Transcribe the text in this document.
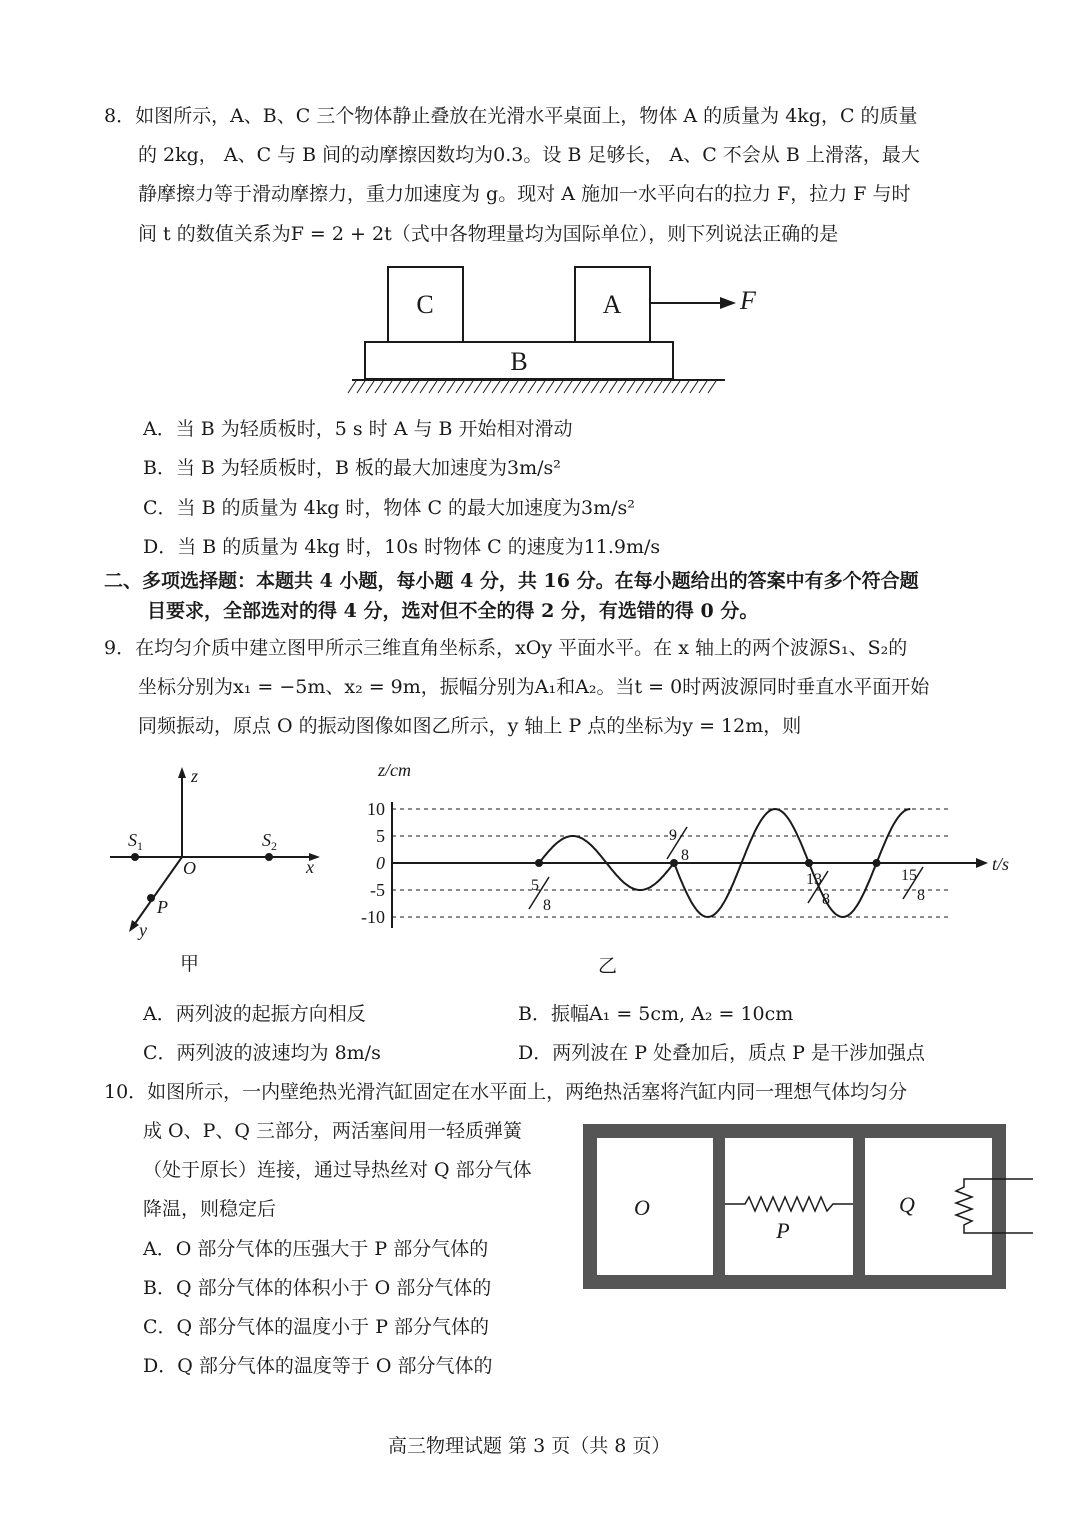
8．如图所示，A、B、C 三个物体静止叠放在光滑水平桌面上，物体 A 的质量为 4kg，C 的质量
的 2kg， A、C 与 B 间的动摩擦因数均为0.3。设 B 足够长， A、C 不会从 B 上滑落，最大
静摩擦力等于滑动摩擦力，重力加速度为 g。现对 A 施加一水平向右的拉力 F，拉力 F 与时
间 t 的数值关系为F = 2 + 2t（式中各物理量均为国际单位），则下列说法正确的是
C	A
B
F
A．当 B 为轻质板时，5 s 时 A 与 B 开始相对滑动
B．当 B 为轻质板时，B 板的最大加速度为3m/s²
C．当 B 的质量为 4kg 时，物体 C 的最大加速度为3m/s²
D．当 B 的质量为 4kg 时，10s 时物体 C 的速度为11.9m/s
二、多项选择题：本题共 4 小题，每小题 4 分，共 16 分。在每小题给出的答案中有多个符合题
目要求，全部选对的得 4 分，选对但不全的得 2 分，有选错的得 0 分。
9．在均匀介质中建立图甲所示三维直角坐标系，xOy 平面水平。在 x 轴上的两个波源S₁、S₂的
坐标分别为x₁ = −5m、x₂ = 9m，振幅分别为A₁和A₂。当t = 0时两波源同时垂直水平面开始
同频振动，原点 O 的振动图像如图乙所示，y 轴上 P 点的坐标为y = 12m，则
z
x
y
O
$S_1$	$S_2$
P
甲
10
5
0
-5
-10
z/cm
t/s
5
8
9
8
13
8
15
8
乙
A．两列波的起振方向相反	B．振幅A₁ = 5cm, A₂ = 10cm
C．两列波的波速均为 8m/s	D．两列波在 P 处叠加后，质点 P 是干涉加强点
10．如图所示，一内壁绝热光滑汽缸固定在水平面上，两绝热活塞将汽缸内同一理想气体均匀分
成 O、P、Q 三部分，两活塞间用一轻质弹簧
（处于原长）连接，通过导热丝对 Q 部分气体
降温，则稳定后
A．O 部分气体的压强大于 P 部分气体的
B．Q 部分气体的体积小于 O 部分气体的
C．Q 部分气体的温度小于 P 部分气体的
D．Q 部分气体的温度等于 O 部分气体的
O
P
Q
高三物理试题 第 3 页（共 8 页）
